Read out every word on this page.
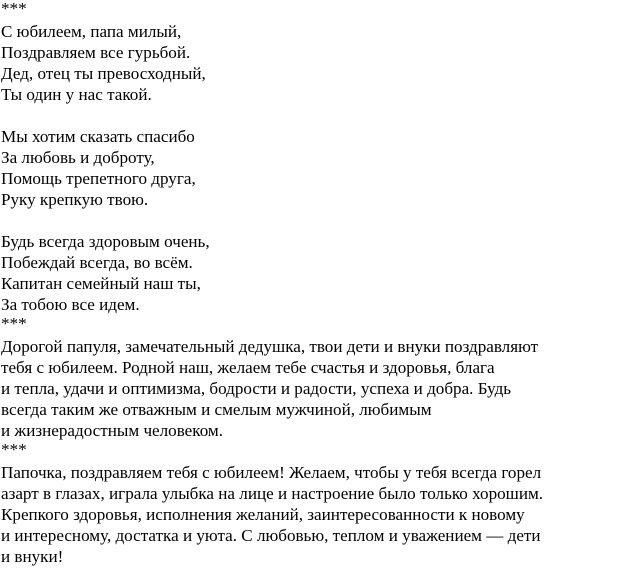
***
С юбилеем, папа милый,
Поздравляем все гурьбой.
Дед, отец ты превосходный,
Ты один у нас такой.
Мы хотим сказать спасибо
За любовь и доброту,
Помощь трепетного друга,
Руку крепкую твою.
Будь всегда здоровым очень,
Побеждай всегда, во всём.
Капитан семейный наш ты,
За тобою все идем.
***
Дорогой папуля, замечательный дедушка, твои дети и внуки поздравляют
тебя с юбилеем. Родной наш, желаем тебе счастья и здоровья, блага
и тепла, удачи и оптимизма, бодрости и радости, успеха и добра. Будь
всегда таким же отважным и смелым мужчиной, любимым
и жизнерадостным человеком.
***
Папочка, поздравляем тебя с юбилеем! Желаем, чтобы у тебя всегда горел
азарт в глазах, играла улыбка на лице и настроение было только хорошим.
Крепкого здоровья, исполнения желаний, заинтересованности к новому
и интересному, достатка и уюта. С любовью, теплом и уважением — дети
и внуки!
